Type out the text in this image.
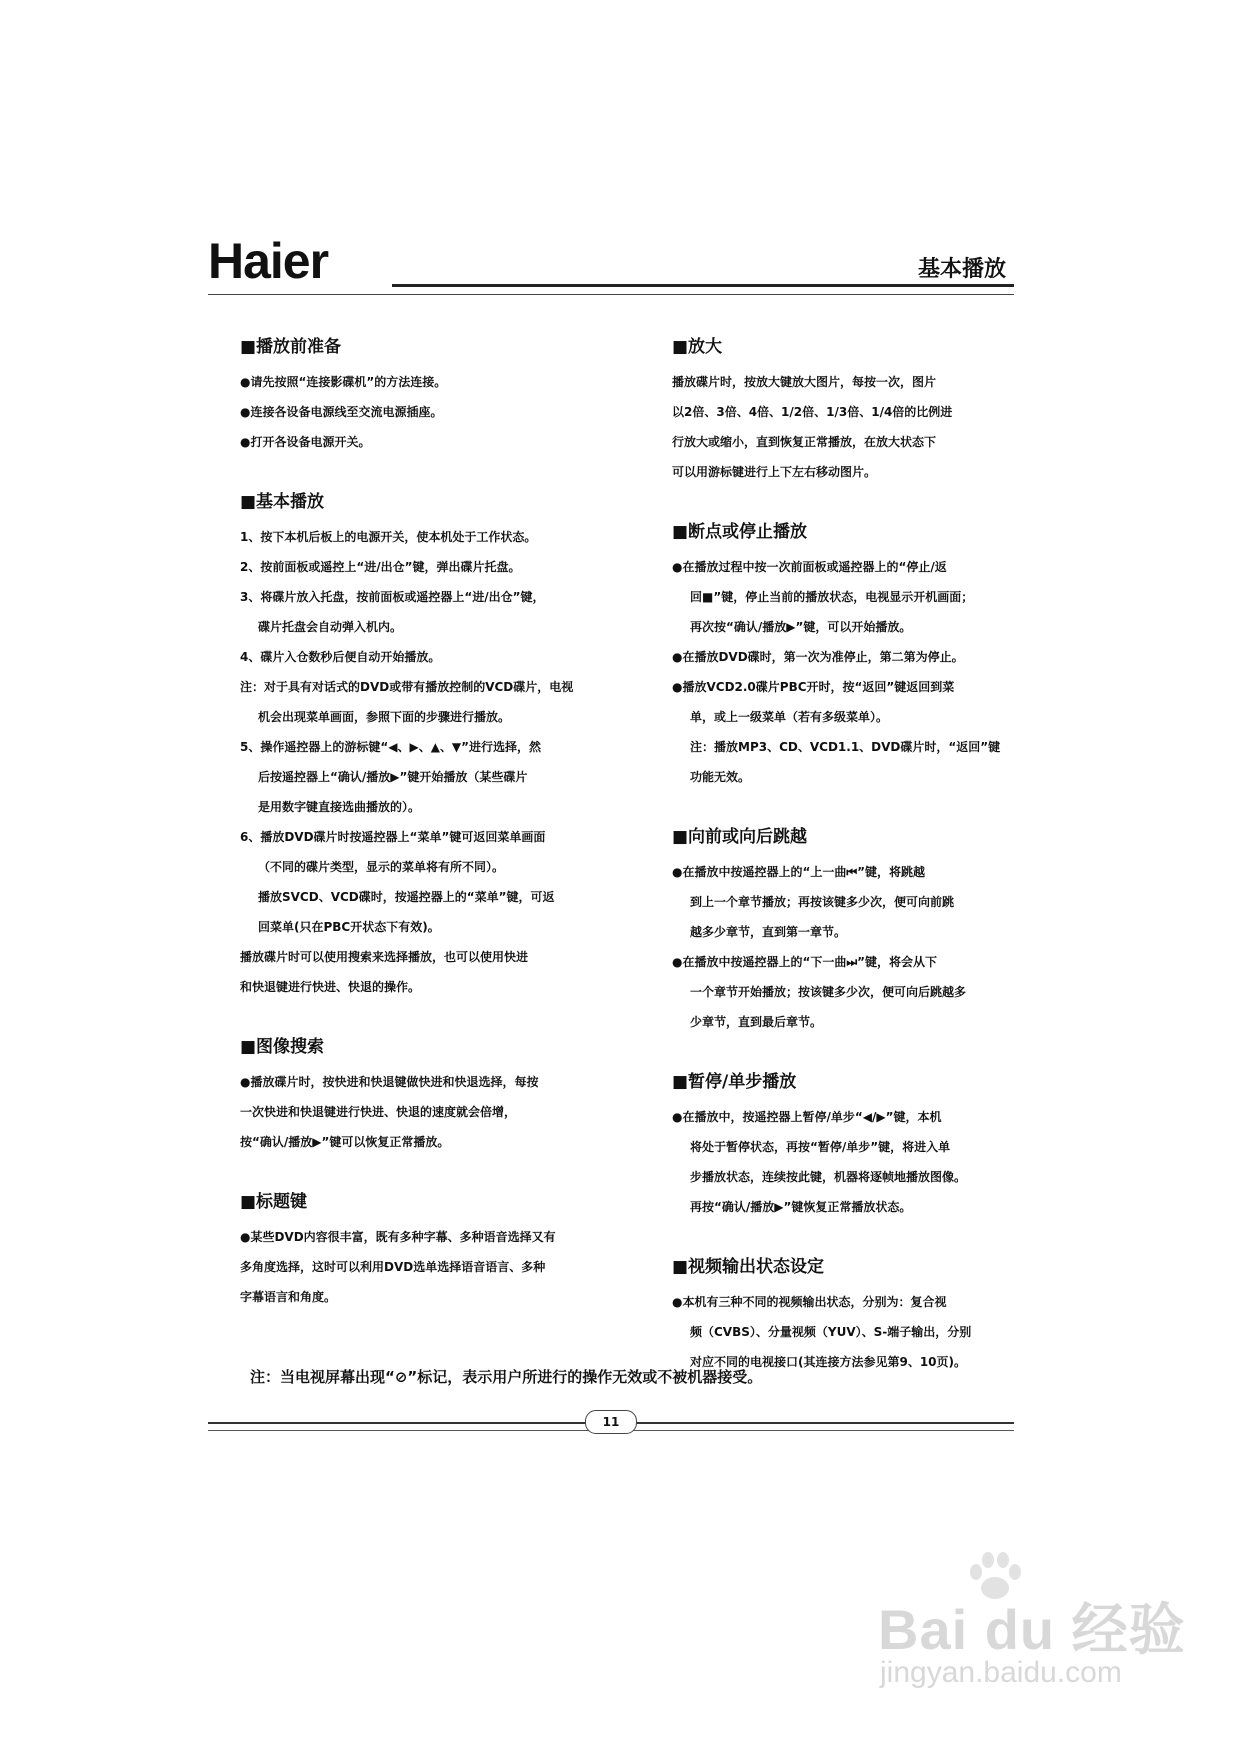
Haier	基本播放
■播放前准备
●请先按照“连接影碟机”的方法连接。
●连接各设备电源线至交流电源插座。
●打开各设备电源开关。
■基本播放
1、按下本机后板上的电源开关，使本机处于工作状态。
2、按前面板或遥控上“进/出仓”键，弹出碟片托盘。
3、将碟片放入托盘，按前面板或遥控器上“进/出仓”键，
碟片托盘会自动弹入机内。
4、碟片入仓数秒后便自动开始播放。
注：对于具有对话式的DVD或带有播放控制的VCD碟片，电视
机会出现菜单画面，参照下面的步骤进行播放。
5、操作遥控器上的游标键“◀、▶、▲、▼”进行选择，然
后按遥控器上“确认/播放▶”键开始播放（某些碟片
是用数字键直接选曲播放的）。
6、播放DVD碟片时按遥控器上“菜单”键可返回菜单画面
（不同的碟片类型，显示的菜单将有所不同）。
播放SVCD、VCD碟时，按遥控器上的“菜单”键，可返
回菜单(只在PBC开状态下有效)。
播放碟片时可以使用搜索来选择播放，也可以使用快进
和快退键进行快进、快退的操作。
■图像搜索
●播放碟片时，按快进和快退键做快进和快退选择，每按
一次快进和快退键进行快进、快退的速度就会倍增，
按“确认/播放▶”键可以恢复正常播放。
■标题键
●某些DVD内容很丰富，既有多种字幕、多种语音选择又有
多角度选择，这时可以利用DVD选单选择语音语言、多种
字幕语言和角度。
■放大
播放碟片时，按放大键放大图片，每按一次，图片
以2倍、3倍、4倍、1/2倍、1/3倍、1/4倍的比例进
行放大或缩小，直到恢复正常播放，在放大状态下
可以用游标键进行上下左右移动图片。
■断点或停止播放
●在播放过程中按一次前面板或遥控器上的“停止/返
回■”键，停止当前的播放状态，电视显示开机画面；
再次按“确认/播放▶”键，可以开始播放。
●在播放DVD碟时，第一次为准停止，第二第为停止。
●播放VCD2.0碟片PBC开时，按“返回”键返回到菜
单，或上一级菜单（若有多级菜单）。
注：播放MP3、CD、VCD1.1、DVD碟片时，“返回”键
功能无效。
■向前或向后跳越
●在播放中按遥控器上的“上一曲⏮”键，将跳越
到上一个章节播放；再按该键多少次，便可向前跳
越多少章节，直到第一章节。
●在播放中按遥控器上的“下一曲⏭”键，将会从下
一个章节开始播放；按该键多少次，便可向后跳越多
少章节，直到最后章节。
■暂停/单步播放
●在播放中，按遥控器上暂停/单步“◀/▶”键，本机
将处于暂停状态，再按“暂停/单步”键，将进入单
步播放状态，连续按此键，机器将逐帧地播放图像。
再按“确认/播放▶”键恢复正常播放状态。
■视频输出状态设定
●本机有三种不同的视频输出状态，分别为：复合视
频（CVBS）、分量视频（YUV）、S-端子输出，分别
对应不同的电视接口(其连接方法参见第9、10页)。
注：当电视屏幕出现“⊘”标记，表示用户所进行的操作无效或不被机器接受。
11
Bai du 经验
jingyan.baidu.com
